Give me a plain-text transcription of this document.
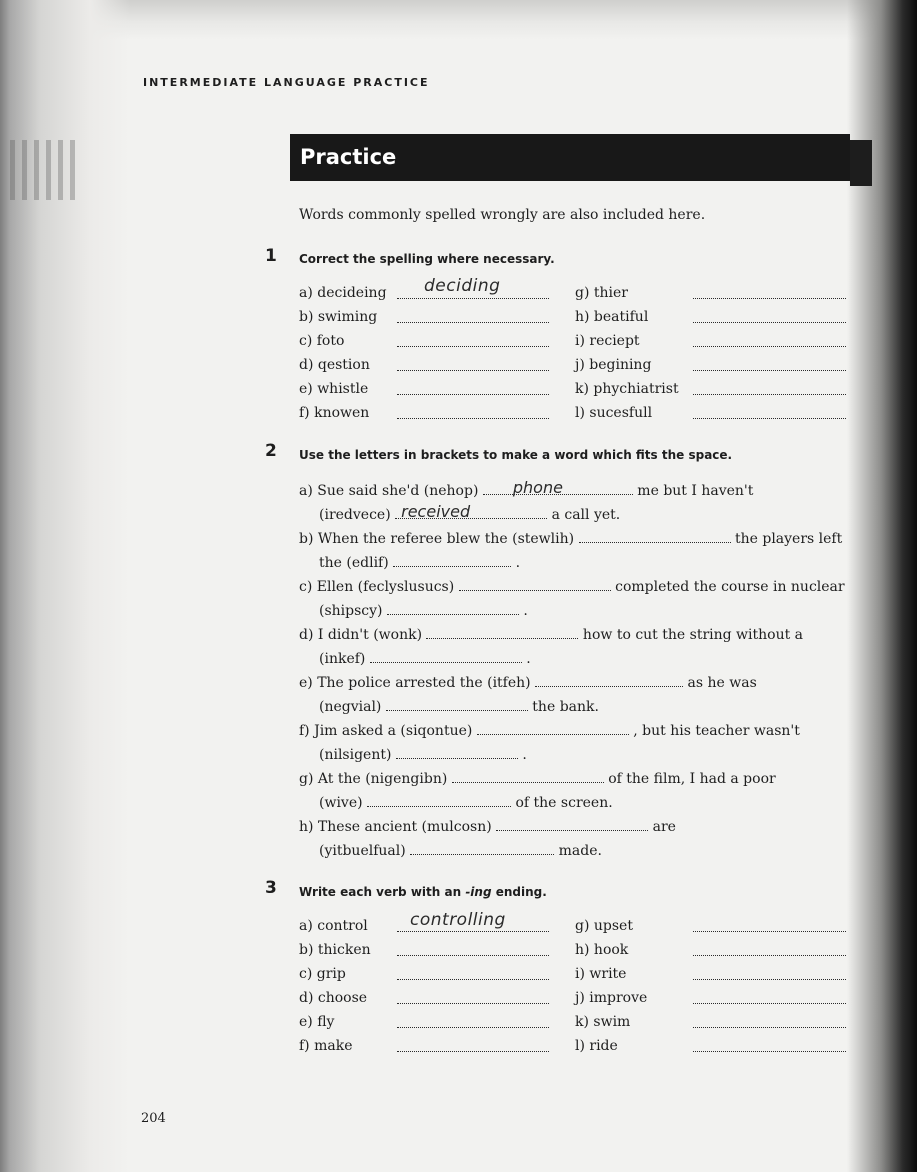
INTERMEDIATE LANGUAGE PRACTICE
Practice
Words commonly spelled wrongly are also included here.
1 Correct the spelling where necessary.
a) decideing deciding
b) swiming
c) foto
d) qestion
e) whistle
f) knowen
g) thier
h) beatiful
i) reciept
j) begining
k) phychiatrist
l) sucesfull
2 Use the letters in brackets to make a word which fits the space.
a) Sue said she'd (nehop) phone	me but I haven't
(iredvece) received	a call yet.
b) When the referee blew the (stewlih)	the players left
the (edlif)	.
c) Ellen (feclyslusucs)	completed the course in nuclear
(shipscy)	.
d) I didn't (wonk)	how to cut the string without a
(inkef)	.
e) The police arrested the (itfeh)	as he was
(negvial)	the bank.
f) Jim asked a (siqontue)	, but his teacher wasn't
(nilsigent)	.
g) At the (nigengibn)	of the film, I had a poor
(wive)	of the screen.
h) These ancient (mulcosn)	are
(yitbuelfual)	made.
3 Write each verb with an -ing ending.
a) control controlling
b) thicken
c) grip
d) choose
e) fly
f) make
g) upset
h) hook
i) write
j) improve
k) swim
l) ride
204
